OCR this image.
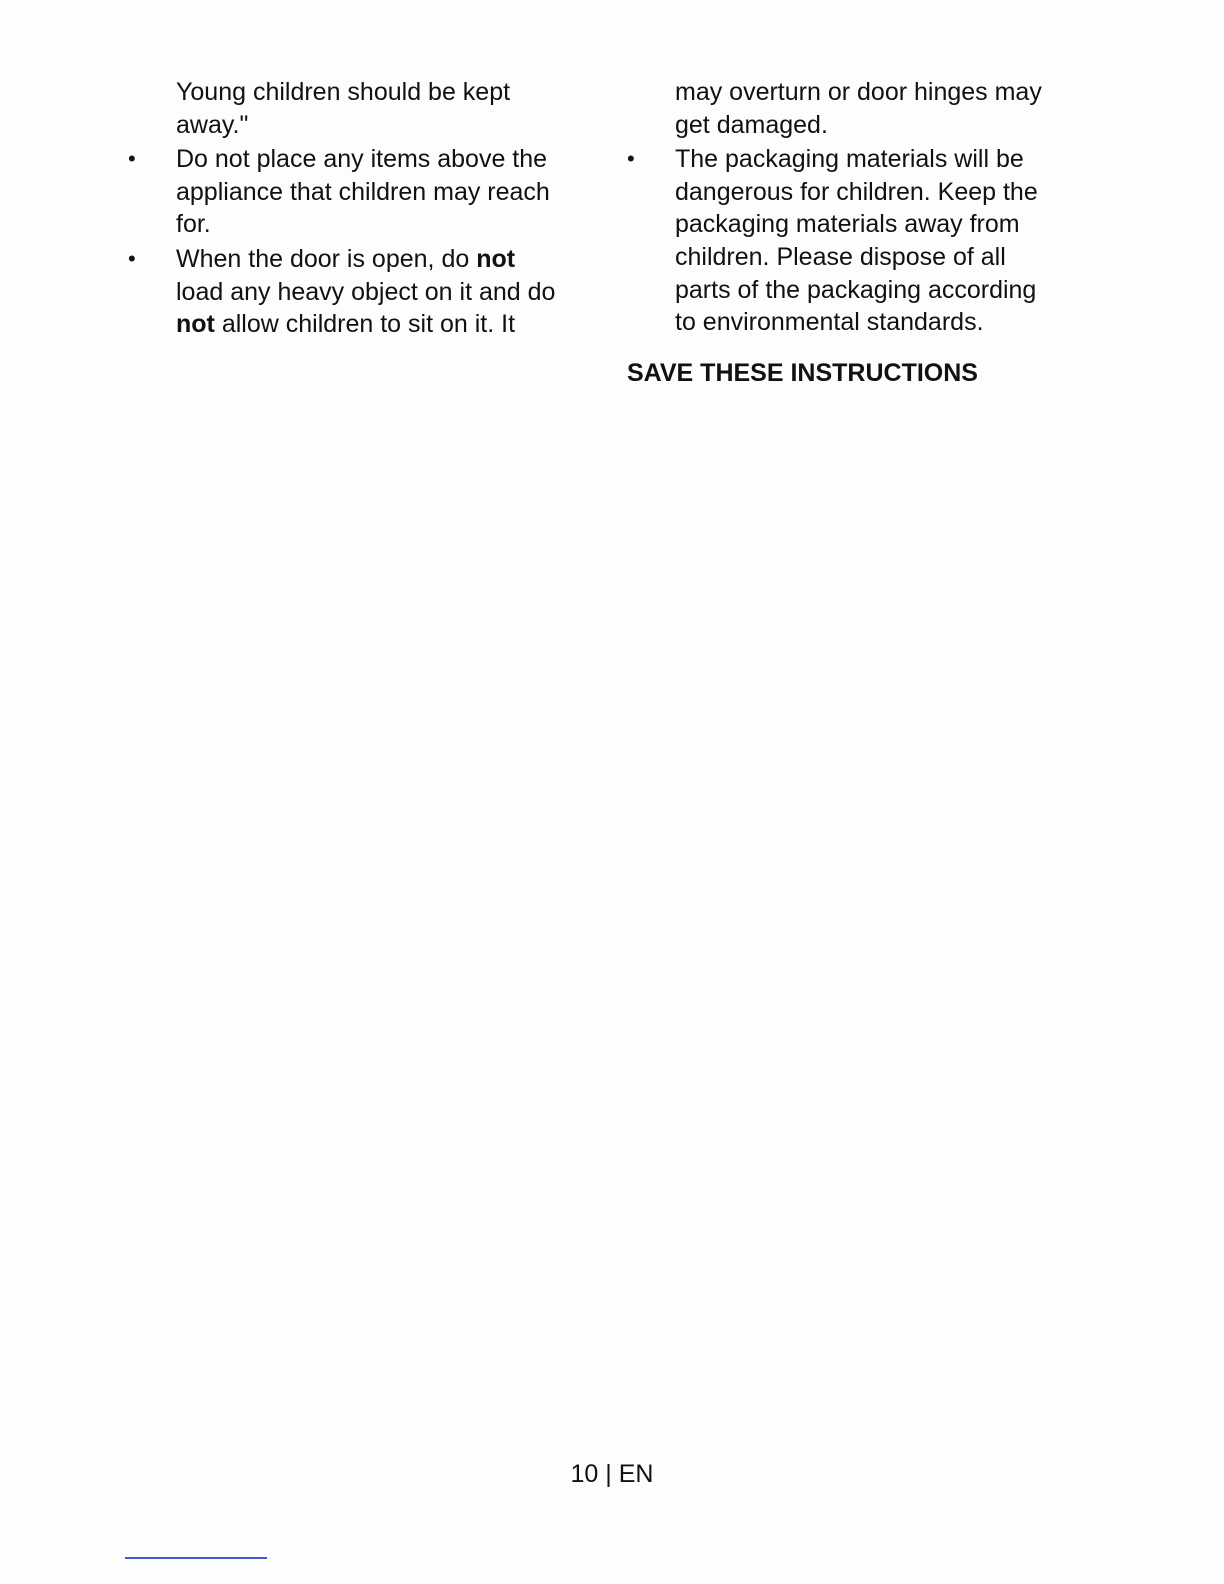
Young children should be kept
away."

•	Do not place any items above the
appliance that children may reach
for.
•	When the door is open, do not
load any heavy object on it and do
not allow children to sit on it. It

may overturn or door hinges may
get damaged.

•	The packaging materials will be
dangerous for children. Keep the
packaging materials away from
children. Please dispose of all
parts of the packaging according
to environmental standards.
SAVE THESE INSTRUCTIONS
10 | EN
